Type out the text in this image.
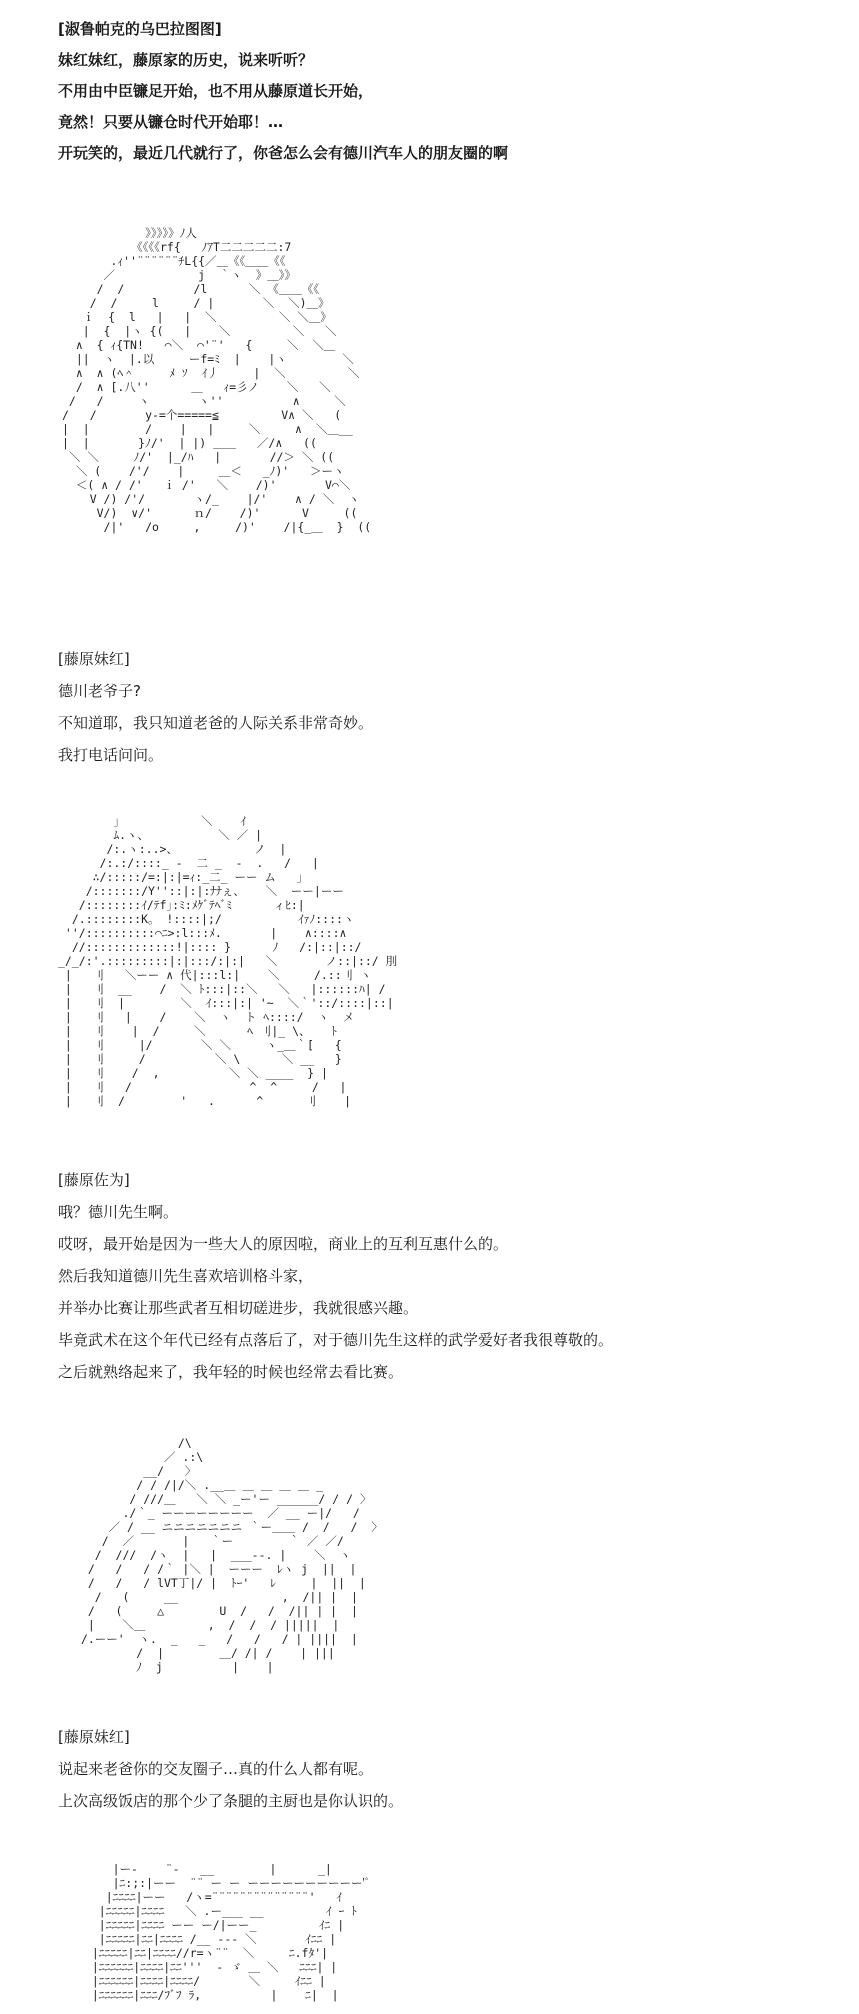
[淑鲁帕克的乌巴拉图图]

妹红妹红，藤原家的历史，说来听听？

不用由中臣镰足开始，也不用从藤原道长开始，

竟然！只要从镰仓时代开始耶！…

开玩笑的，最近几代就行了，你爸怎么会有德川汽车人的朋友圈的啊

》》》》》ﾉ人
《《《《rf{   ﾉｱT二二二二二:7
.ｨ''¨¨¨¨¨¨ﾁL{{／＿《《＿＿《《
／            j  ｀ヽ  》＿》》
/  /          /l      ＼ 《＿＿《《
/  /     l     / |       ＼  ＼)＿》
ｉ  {  l   |   |  ＼         ＼ ＼＿》
|  {  |ヽ {(   |    ＼         ＼   ＼
∧  { ｨ{TN!   ⌒＼  ⌒'¨'   {     ＼  ＼＿
||  ヽ  |.以     ーf=ﾐ  |    |ヽ        ＼
∧  ∧ (ﾍ＾     ﾒ ｿ  ｲ丿     |  ＼         ＼
/  ∧ [.八''      ＿   ｨ=彡ノ    ＼   ＼
/   /     ヽ       ヽ''          ∧     ＼
/   /       y-=个=====≦         V∧ ＼   (
|  |        /    |   |     ＼     ∧  ＼＿__
|  |       }ﾉ/'  | |) ＿＿   ／/∧   ((
＼ ＼     ﾉ/'  |_/ﾊ   |       //＞ ＼ ((
＼ (    /'/    |     ＿＜   _ﾉ)'   ＞ーヽ
＜( ∧ / /'   ｉ /'   ＼    /)'       V⌒＼
V /) /'/       ヽ/_    |/'    ∧ / ＼  ヽ
V/)  ∨/'      ｎ/    /)'      V     ((
/|'   /o     ,     /)'    /|{_＿  }  ((

[藤原妹红]

德川老爷子?

不知道耶，我只知道老爸的人际关系非常奇妙。

我打电话问问。

」           ＼    ｲ
ﾑ.ヽ、          ＼ ／ |
/:.ヽ:..>、           ノ  |
/:.:/::::_ -  二 _  -  .   /   |
∴/:::::/=:|:|=ｨ:_二_ ーー ム   」
/:::::::/Y''::|:|:ﾅﾅぇ、   ＼  ーー|ーー
/::::::::ｲ/ﾃf｣:ﾐ:ﾒｹﾞﾃﾍﾞﾐ      ィﾋ:|
/.::::::::K。 !::::|;/           ｲｧﾉ::::ヽ
''/::::::::::⌒ﾆ>:l:::ﾒ.       |    ∧::::∧
//:::::::::::::!|:::: }      ﾉ   /:|::|::/
_/_/:'.:::::::::|:|:::/:|:|   ＼       ノ::|::/ 刖
|   刂   ＼ーー ∧ 代|:::l:|    ＼     /.::刂 ヽ
|   刂  __    /  ＼ ﾄ:::|::＼   ＼   |::::::ﾊ| /
|   刂  |        ＼  ｲ:::|:| '~  ＼｀'::/::::|::|
|   刂   |    /    ＼  ヽ  ト ﾍ::::/  ヽ  メ
|   刂    |  /     ＼      ﾍ 刂|_ \、   ﾄ
|   刂     |/       ＼ ＼     ヽ_＿｀[   {
|   刂     /          ＼ \      ＼ __   }
|   刂    /  ,          ＼ ＼ ____  } |
|   刂   /                 ^  ^     /   |
|   刂  /        '   .      ^      刂    |

[藤原佐为]

哦？德川先生啊。

哎呀，最开始是因为一些大人的原因啦，商业上的互利互惠什么的。

然后我知道德川先生喜欢培训格斗家，

并举办比赛让那些武者互相切磋进步，我就很感兴趣。

毕竟武术在这个年代已经有点落后了，对于德川先生这样的武学爱好者我很尊敬的。

之后就熟络起来了，我年轻的时候也经常去看比赛。

/\
／ .:\
__/   〉
/ / /|/＼ .__＿ ＿ ＿ ＿ ＿ _
/ ///＿   ＼ ＼ _ー'ー ______/ / / 〉
./｀_ ーーーーーーーー  ／ __ ー|/   /
／ / __ ニニニニニニニ ｀ー＿＿ /  /   /  〉
/  ／       |   ｀ー        ｀ ／ ／/
/  ///  /ヽ  |   |  ___--. |    ＼  ヽ
/   /   / /｀ |＼ |  ーーー  ﾚヽ j  ||  |
/   /   / lVT丁|/ |  ﾄｰ'   ﾚ     |  ||  |
/   (     __               ,  /|| |  |
/   (     △        U  /   /  /|| | |  |
|    ＼＿         ,  /  /  / |||||  |
/.ーー'  ヽ.  _   _   /   /   / | ||||  |
/  |        ＿/ /| /    | |||
ﾉ  j          |    |

[藤原妹红]

说起来老爸你的交友圈子…真的什么人都有呢。

上次高级饭店的那个少了条腿的主厨也是你认识的。

|ー-    ¨-   __        |      _|
|ﾆ:;:|ーー  ¨¨ ー ー ーーーーーーーーーー'ﾟ
|ﾆﾆﾆﾆ|ーー   /ヽ=¨¨¨¨¨¨¨¨¨¨¨¨¨¨'   ｲ
|ﾆﾆﾆﾆﾆ|ﾆﾆﾆﾆ   ＼ .ー___ __         ｲ ｰ ﾄ
|ﾆﾆﾆﾆﾆ|ﾆﾆﾆﾆ ーー ー/|ーー_         ｲﾆ |
|ﾆﾆﾆﾆﾆ|ﾆﾆ|ﾆﾆﾆﾆ /__ --- ＼       ｲﾆﾆ |
|ﾆﾆﾆﾆﾆ|ﾆﾆ|ﾆﾆﾆﾆ//r=ヽ¨¨  ＼     ﾆ.fﾀ'|
|ﾆﾆﾆﾆﾆﾆ|ﾆﾆﾆﾆ|ﾆﾆ'''  - ゞ ＿ ＼   ﾆﾆﾆ| |
|ﾆﾆﾆﾆﾆﾆ|ﾆﾆﾆﾆ|ﾆﾆﾆﾆ/       ＼     ｲﾆﾆ |
|ﾆﾆﾆﾆﾆﾆ|ﾆﾆﾆ/ﾌﾞﾌ ﾗ,          |    ﾆ|  |
